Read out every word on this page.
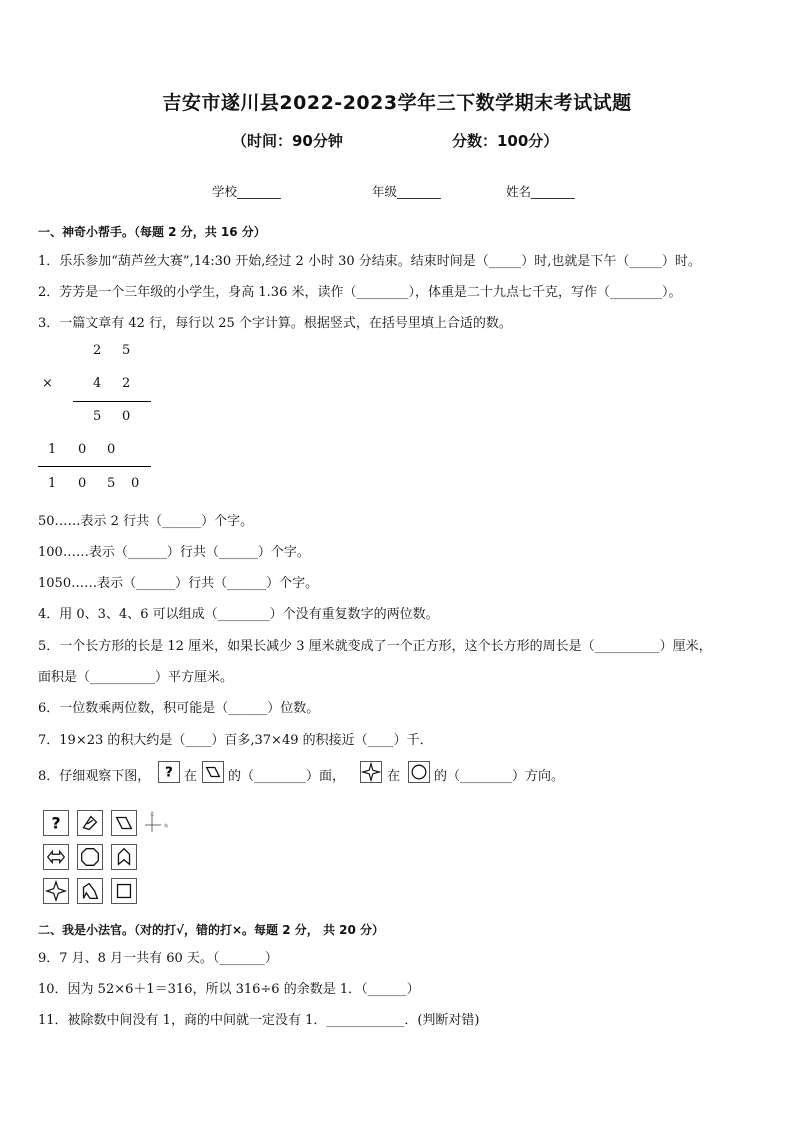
吉安市遂川县2022-2023学年三下数学期末考试试题
（时间：90分钟	分数：100分）
学校_______	年级_______	姓名_______
一、神奇小帮手。（每题 2 分，共 16 分）
1．乐乐参加“葫芦丝大赛”,14:30 开始,经过 2 小时 30 分结束。结束时间是（_____）时,也就是下午（_____）时。
2．芳芳是一个三年级的小学生，身高 1.36 米，读作（________），体重是二十九点七千克，写作（________）。
3．一篇文章有 42 行，每行以 25 个字计算。根据竖式，在括号里填上合适的数。
2 5
×	4 2
5 0
1 0 0
1 0 5 0
50……表示 2 行共（______）个字。
100……表示（______）行共（______）个字。
1050……表示（______）行共（______）个字。
4．用 0、3、4、6 可以组成（________）个没有重复数字的两位数。
5．一个长方形的长是 12 厘米，如果长减少 3 厘米就变成了一个正方形，这个长方形的周长是（__________）厘米，
面积是（__________）平方厘米。
6．一位数乘两位数，积可能是（______）位数。
7．19×23 的积大约是（____）百多,37×49 的积接近（____）千．
8．仔细观察下图， ? 在 的（________）面，	在	的（________）方向。
?
北
东
二、我是小法官。（对的打√，错的打×。每题 2 分， 共 20 分）
9．7 月、8 月一共有 60 天。（_______）
10．因为 52×6＋1＝316，所以 316÷6 的余数是 1．（______）
11．被除数中间没有 1，商的中间就一定没有 1．____________．(判断对错)
